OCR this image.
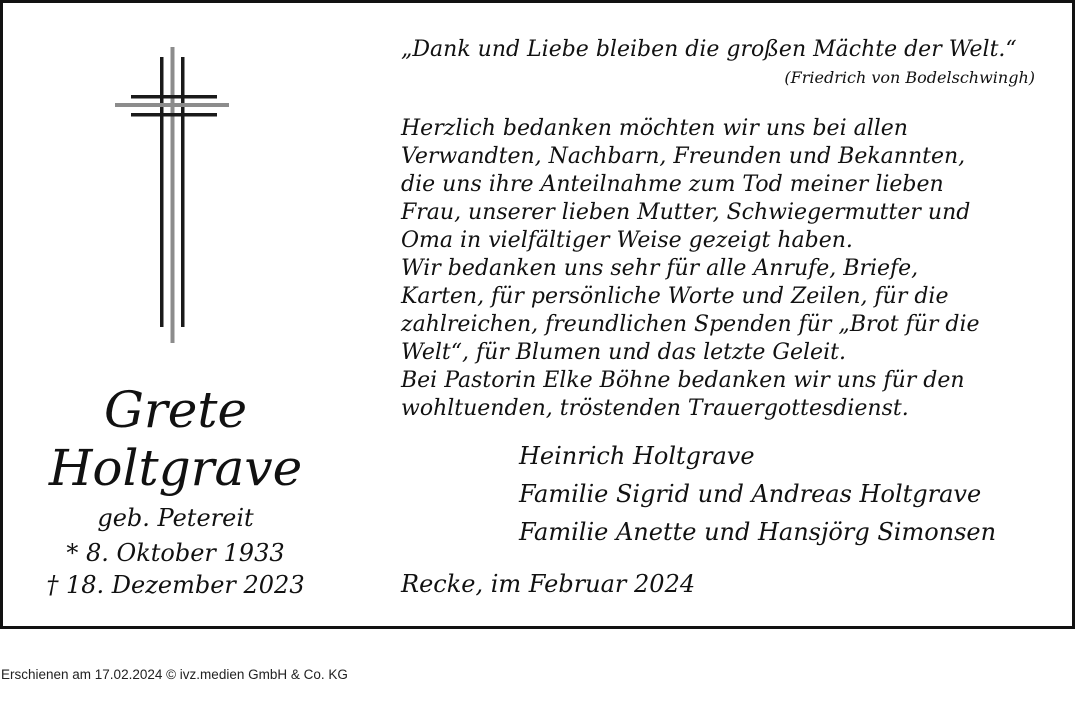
Grete

Holtgrave

geb. Petereit

* 8. Oktober 1933

† 18. Dezember 2023

„Dank und Liebe bleiben die großen Mächte der Welt.“

(Friedrich von Bodelschwingh)

Herzlich bedanken möchten wir uns bei allen
Verwandten, Nachbarn, Freunden und Bekannten,
die uns ihre Anteilnahme zum Tod meiner lieben
Frau, unserer lieben Mutter, Schwiegermutter und
Oma in vielfältiger Weise gezeigt haben.
Wir bedanken uns sehr für alle Anrufe, Briefe,
Karten, für persönliche Worte und Zeilen, für die
zahlreichen, freundlichen Spenden für „Brot für die
Welt“, für Blumen und das letzte Geleit.
Bei Pastorin Elke Böhne bedanken wir uns für den
wohltuenden, tröstenden Trauergottesdienst.
Heinrich Holtgrave
Familie Sigrid und Andreas Holtgrave
Familie Anette und Hansjörg Simonsen

Recke, im Februar 2024

Erschienen am 17.02.2024 © ivz.medien GmbH & Co. KG
